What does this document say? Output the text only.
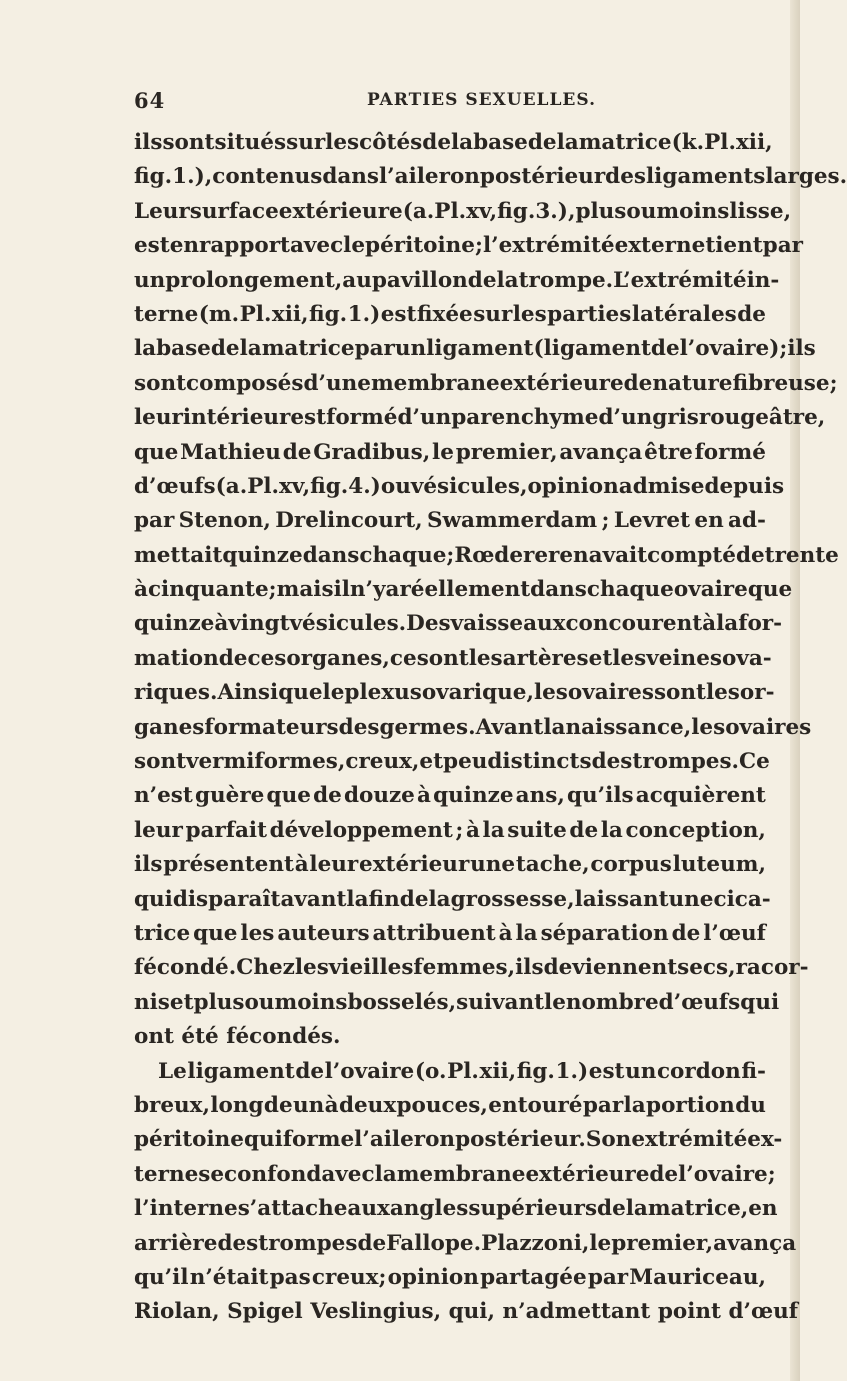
64	PARTIES SEXUELLES.
ils sont situés sur les côtés de la base de la matrice (k. Pl. xii,
fig. 1.), contenus dans l’aileron postérieur des ligaments larges.
Leur surface extérieure (a. Pl. xv, fig. 3.), plus ou moins lisse,
est en rapport avec le péritoine ; l’extrémité externe tient par
un prolongement, au pavillon de la trompe. L’extrémité in-
terne (m. Pl. xii, fig. 1.) est fixée sur les parties latérales de
la base de la matrice par un ligament (ligament de l’ovaire); ils
sont composés d’une membrane extérieure de nature fibreuse;
leur intérieur est formé d’un parenchyme d’un gris rougeâtre,
que Mathieu de Gradibus, le premier, avança être formé
d’œufs (a. Pl. xv, fig. 4.) ou vésicules, opinion admise depuis
par Stenon, Drelincourt, Swammerdam ; Levret en ad-
mettait quinze dans chaque ; Rœderer en avait compté de trente
à cinquante ; mais il n’y a réellement dans chaque ovaire que
quinze à vingt vésicules. Des vaisseaux concourent à la for-
mation de ces organes, ce sont les artères et les veines ova-
riques. Ainsi que le plexus ovarique, les ovaires sont les or-
ganes formateurs des germes. Avant la naissance, les ovaires
sont vermiformes, creux, et peu distincts des trompes. Ce
n’est guère que de douze à quinze ans, qu’ils acquièrent
leur parfait développement ; à la suite de la conception,
ils présentent à leur extérieur une tache, corpus luteum,
qui disparaît avant la fin de la grossesse, laissant une cica-
trice que les auteurs attribuent à la séparation de l’œuf
fécondé. Chez les vieilles femmes, ils deviennent secs, racor-
nis et plus ou moins bosselés, suivant le nombre d’œufs qui
ont été fécondés.
Le ligament de l’ovaire (o. Pl. xii, fig. 1.) est un cordon fi-
breux, long de un à deux pouces, entouré par la portion du
péritoine qui forme l’aileron postérieur. Son extrémité ex-
terne se confond avec la membrane extérieure de l’ovaire;
l’interne s’attache aux angles supérieurs de la matrice, en
arrière des trompes de Fallope. Plazzoni, le premier, avança
qu’il n’était pas creux; opinion partagée par Mauriceau,
Riolan, Spigel Veslingius, qui, n’admettant point d’œuf
